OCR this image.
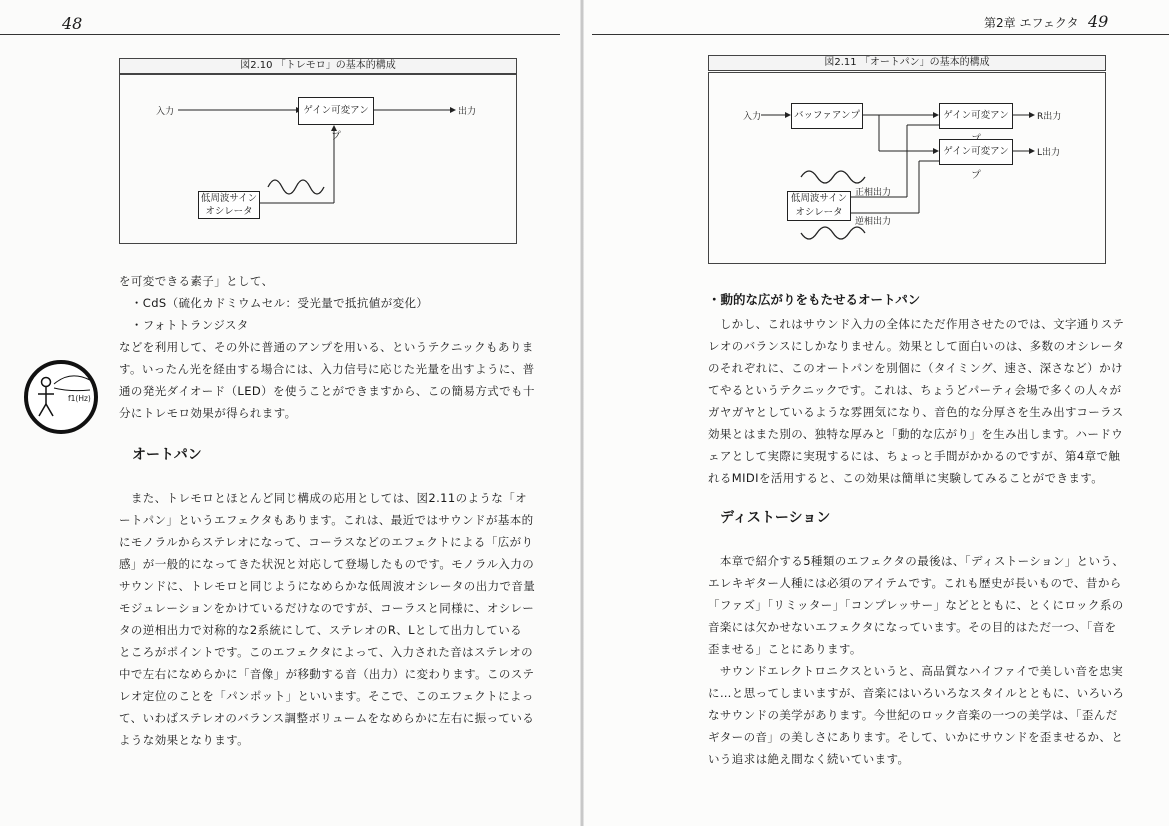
48
図2.10 「トレモロ」の基本的構成
入力	ゲイン可変アンプ
出力
低周波サイン
オシレータ
f1(Hz)
を可変できる素子」として、
　・CdS（硫化カドミウムセル：受光量で抵抗値が変化）
　・フォトトランジスタ
などを利用して、その外に普通のアンプを用いる、というテクニックもありま
す。いったん光を経由する場合には、入力信号に応じた光量を出すように、普
通の発光ダイオード（LED）を使うことができますから、この簡易方式でも十
分にトレモロ効果が得られます。
オートパン
　また、トレモロとほとんど同じ構成の応用としては、図2.11のような「オ
ートパン」というエフェクタもあります。これは、最近ではサウンドが基本的
にモノラルからステレオになって、コーラスなどのエフェクトによる「広がり
感」が一般的になってきた状況と対応して登場したものです。モノラル入力の
サウンドに、トレモロと同じようになめらかな低周波オシレータの出力で音量
モジュレーションをかけているだけなのですが、コーラスと同様に、オシレー
タの逆相出力で対称的な2系統にして、ステレオのR、Lとして出力している
ところがポイントです。このエフェクタによって、入力された音はステレオの
中で左右になめらかに「音像」が移動する音（出力）に変わります。このステ
レオ定位のことを「パンポット」といいます。そこで、このエフェクトによっ
て、いわばステレオのバランス調整ボリュームをなめらかに左右に振っている
ような効果となります。
第2章 エフェクタ 49
図2.11 「オートパン」の基本的構成
入力	バッファアンプ	ゲイン可変アン
ゲイン可変アンプ
R出力
L出力
低周波サイン
オシレータ
正相出力
逆相出力
・動的な広がりをもたせるオートパン
　しかし、これはサウンド入力の全体にただ作用させたのでは、文字通りステ
レオのバランスにしかなりません。効果として面白いのは、多数のオシレータ
のそれぞれに、このオートパンを別個に（タイミング、速さ、深さなど）かけ
てやるというテクニックです。これは、ちょうどパーティ会場で多くの人々が
ガヤガヤとしているような雰囲気になり、音色的な分厚さを生み出すコーラス
効果とはまた別の、独特な厚みと「動的な広がり」を生み出します。ハードウ
ェアとして実際に実現するには、ちょっと手間がかかるのですが、第4章で触
れるMIDIを活用すると、この効果は簡単に実験してみることができます。
ディストーション
　本章で紹介する5種類のエフェクタの最後は、「ディストーション」という、
エレキギター人種には必須のアイテムです。これも歴史が長いもので、昔から
「ファズ」「リミッター」「コンプレッサー」などとともに、とくにロック系の
音楽には欠かせないエフェクタになっています。その目的はただ一つ、「音を
歪ませる」ことにあります。
　サウンドエレクトロニクスというと、高品質なハイファイで美しい音を忠実
に…と思ってしまいますが、音楽にはいろいろなスタイルとともに、いろいろ
なサウンドの美学があります。今世紀のロック音楽の一つの美学は、「歪んだ
ギターの音」の美しさにあります。そして、いかにサウンドを歪ませるか、と
いう追求は絶え間なく続いています。
